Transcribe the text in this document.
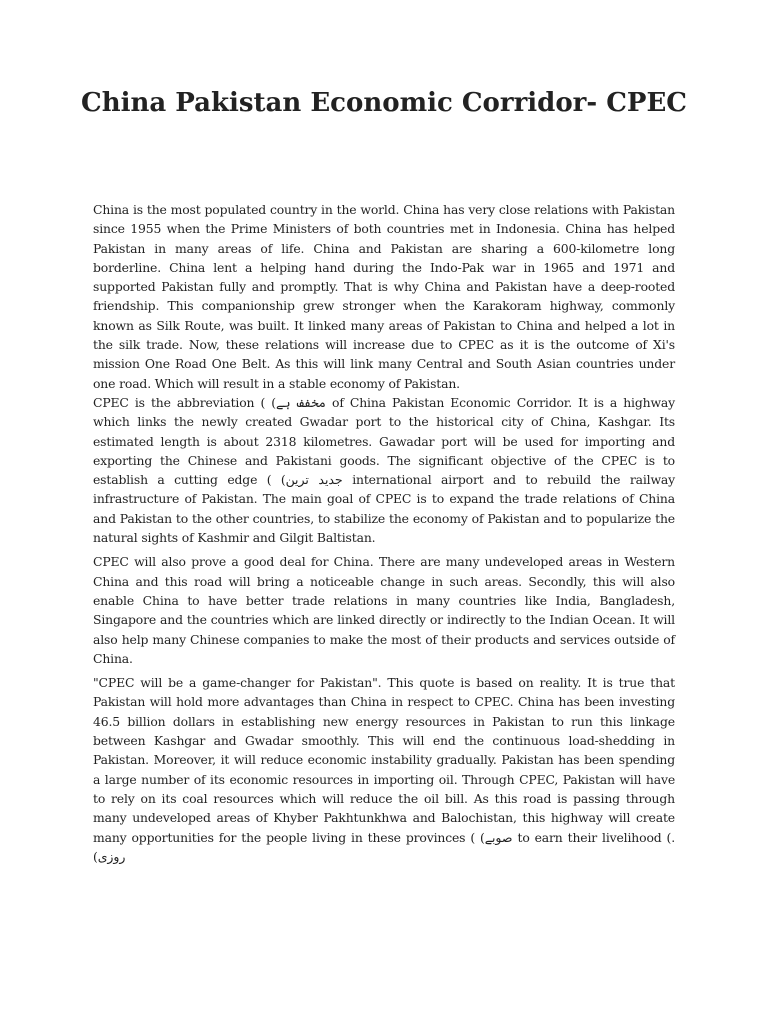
China Pakistan Economic Corridor- CPEC

China is the most populated country in the world. China has very close relations with Pakistan since 1955 when the Prime Ministers of both countries met in Indonesia. China has helped Pakistan in many areas of life. China and Pakistan are sharing a 600-kilometre long borderline. China lent a helping hand during the Indo-Pak war in 1965 and 1971 and supported Pakistan fully and promptly. That is why China and Pakistan have a deep-rooted friendship. This companionship grew stronger when the Karakoram highway, commonly known as Silk Route, was built. It linked many areas of Pakistan to China and helped a lot in the silk trade. Now, these relations will increase due to CPEC as it is the outcome of Xi's mission One Road One Belt. As this will link many Central and South Asian countries under one road. Which will result in a stable economy of Pakistan.

CPEC is the abbreviation ( (مخفف ہے of China Pakistan Economic Corridor. It is a highway which links the newly created Gwadar port to the historical city of China, Kashgar. Its estimated length is about 2318 kilometres. Gawadar port will be used for importing and exporting the Chinese and Pakistani goods. The significant objective of the CPEC is to establish a cutting edge ( (جدید ترین international airport and to rebuild the railway infrastructure of Pakistan. The main goal of CPEC is to expand the trade relations of China and Pakistan to the other countries, to stabilize the economy of Pakistan and to popularize the natural sights of Kashmir and Gilgit Baltistan.

CPEC will also prove a good deal for China. There are many undeveloped areas in Western China and this road will bring a noticeable change in such areas. Secondly, this will also enable China to have better trade relations in many countries like India, Bangladesh, Singapore and the countries which are linked directly or indirectly to the Indian Ocean. It will also help many Chinese companies to make the most of their products and services outside of China.

"CPEC will be a game-changer for Pakistan". This quote is based on reality. It is true that Pakistan will hold more advantages than China in respect to CPEC. China has been investing 46.5 billion dollars in establishing new energy resources in Pakistan to run this linkage between Kashgar and Gwadar smoothly. This will end the continuous load-shedding in Pakistan. Moreover, it will reduce economic instability gradually. Pakistan has been spending a large number of its economic resources in importing oil. Through CPEC, Pakistan will have to rely on its coal resources which will reduce the oil bill. As this road is passing through many undeveloped areas of Khyber Pakhtunkhwa and Balochistan, this highway will create many opportunities for the people living in these provinces ( (صوبے to earn their livelihood (.(روزی
